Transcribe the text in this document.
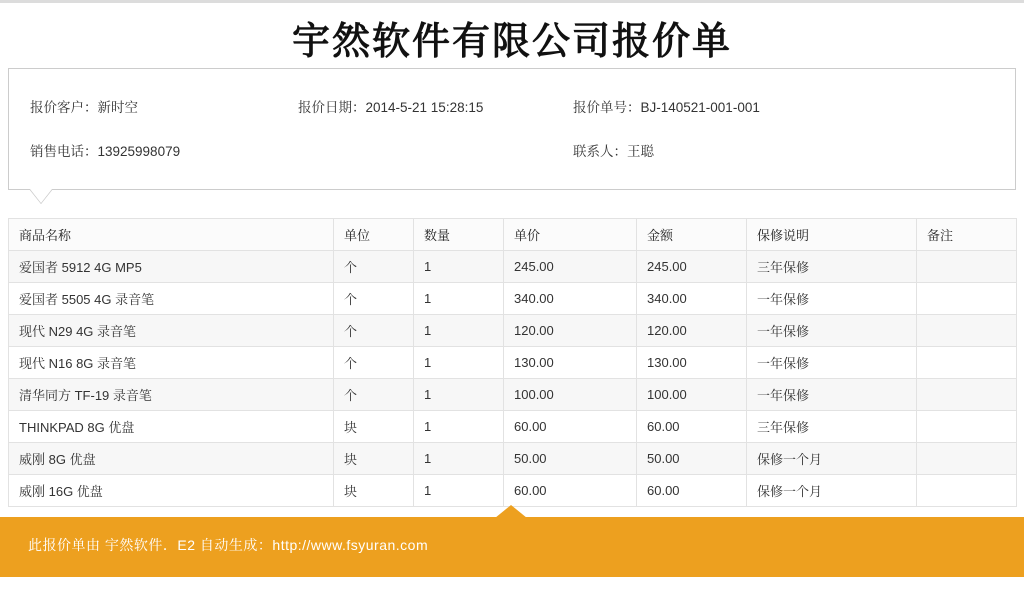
宇然软件有限公司报价单
报价客户：新时空	报价日期：2014-5-21 15:28:15	报价单号：BJ-140521-001-001
销售电话：13925998079	联系人：王聪
商品名称	单位	数量	单价	金额	保修说明	备注
爱国者 5912 4G MP5	个	1	245.00	245.00	三年保修	
爱国者 5505 4G 录音笔	个	1	340.00	340.00	一年保修	
现代 N29 4G 录音笔	个	1	120.00	120.00	一年保修	
现代 N16 8G 录音笔	个	1	130.00	130.00	一年保修	
清华同方 TF-19 录音笔	个	1	100.00	100.00	一年保修	
THINKPAD 8G 优盘	块	1	60.00	60.00	三年保修	
威刚 8G 优盘	块	1	50.00	50.00	保修一个月	
威刚 16G 优盘	块	1	60.00	60.00	保修一个月	
此报价单由 宇然软件．E2 自动生成：http://www.fsyuran.com
